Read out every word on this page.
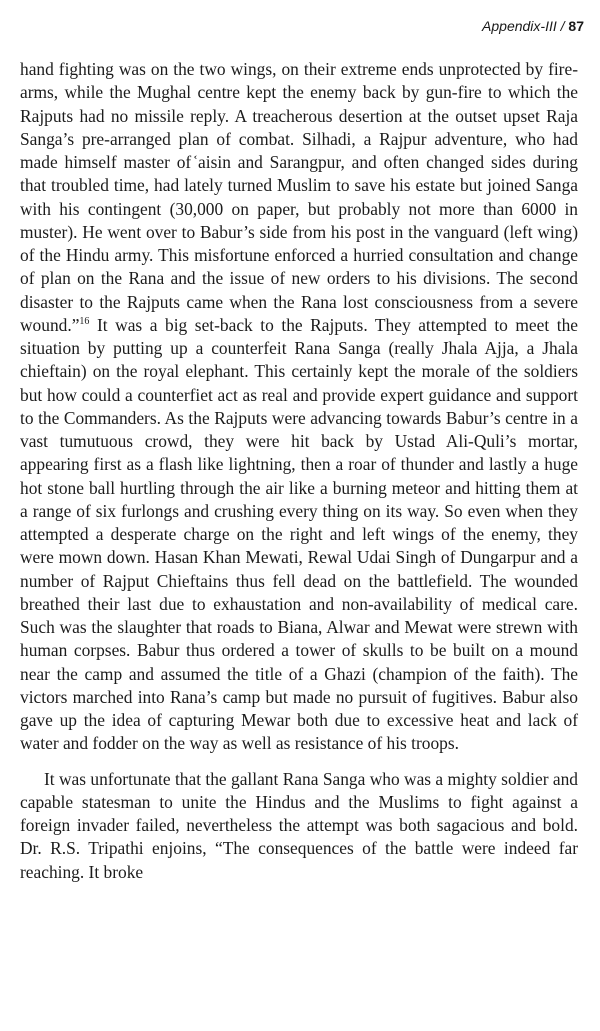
Appendix-III / 87

hand fighting was on the two wings, on their extreme ends unprotected by fire-arms, while the Mughal centre kept the enemy back by gun-fire to which the Rajputs had no missile reply. A treacherous desertion at the outset upset Raja Sanga’s pre-arranged plan of combat. Silhadi, a Rajpur adventure, who had made himself master of ᷾aisin and Sarangpur, and often changed sides during that troubled time, had lately turned Muslim to save his estate but joined Sanga with his contingent (30,000 on paper, but probably not more than 6000 in muster). He went over to Babur’s side from his post in the vanguard (left wing) of the Hindu army. This misfortune enforced a hurried consultation and change of plan on the Rana and the issue of new orders to his divisions. The second disaster to the Rajputs came when the Rana lost consciousness from a severe wound.”$^{16}$ It was a big set-back to the Rajputs. They attempted to meet the situation by putting up a counterfeit Rana Sanga (really Jhala Ajja, a Jhala chieftain) on the royal elephant. This certainly kept the morale of the soldiers but how could a counterfiet act as real and provide expert guidance and support to the Commanders. As the Rajputs were advancing towards Babur’s centre in a vast tumutuous crowd, they were hit back by Ustad Ali-Quli’s mortar, appearing first as a flash like lightning, then a roar of thunder and lastly a huge hot stone ball hurtling through the air like a burning meteor and hitting them at a range of six furlongs and crushing every thing on its way. So even when they attempted a desperate charge on the right and left wings of the enemy, they were mown down. Hasan Khan Mewati, Rewal Udai Singh of Dungarpur and a number of Rajput Chieftains thus fell dead on the battlefield. The wounded breathed their last due to exhaustation and non-availability of medical care. Such was the slaughter that roads to Biana, Alwar and Mewat were strewn with human corpses. Babur thus ordered a tower of skulls to be built on a mound near the camp and assumed the title of a Ghazi (champion of the faith). The victors marched into Rana’s camp but made no pursuit of fugitives. Babur also gave up the idea of capturing Mewar both due to excessive heat and lack of water and fodder on the way as well as resistance of his troops.

It was unfortunate that the gallant Rana Sanga who was a mighty soldier and capable statesman to unite the Hindus and the Muslims to fight against a foreign invader failed, nevertheless the attempt was both sagacious and bold. Dr. R.S. Tripathi enjoins, “The consequences of the battle were indeed far reaching. It broke
